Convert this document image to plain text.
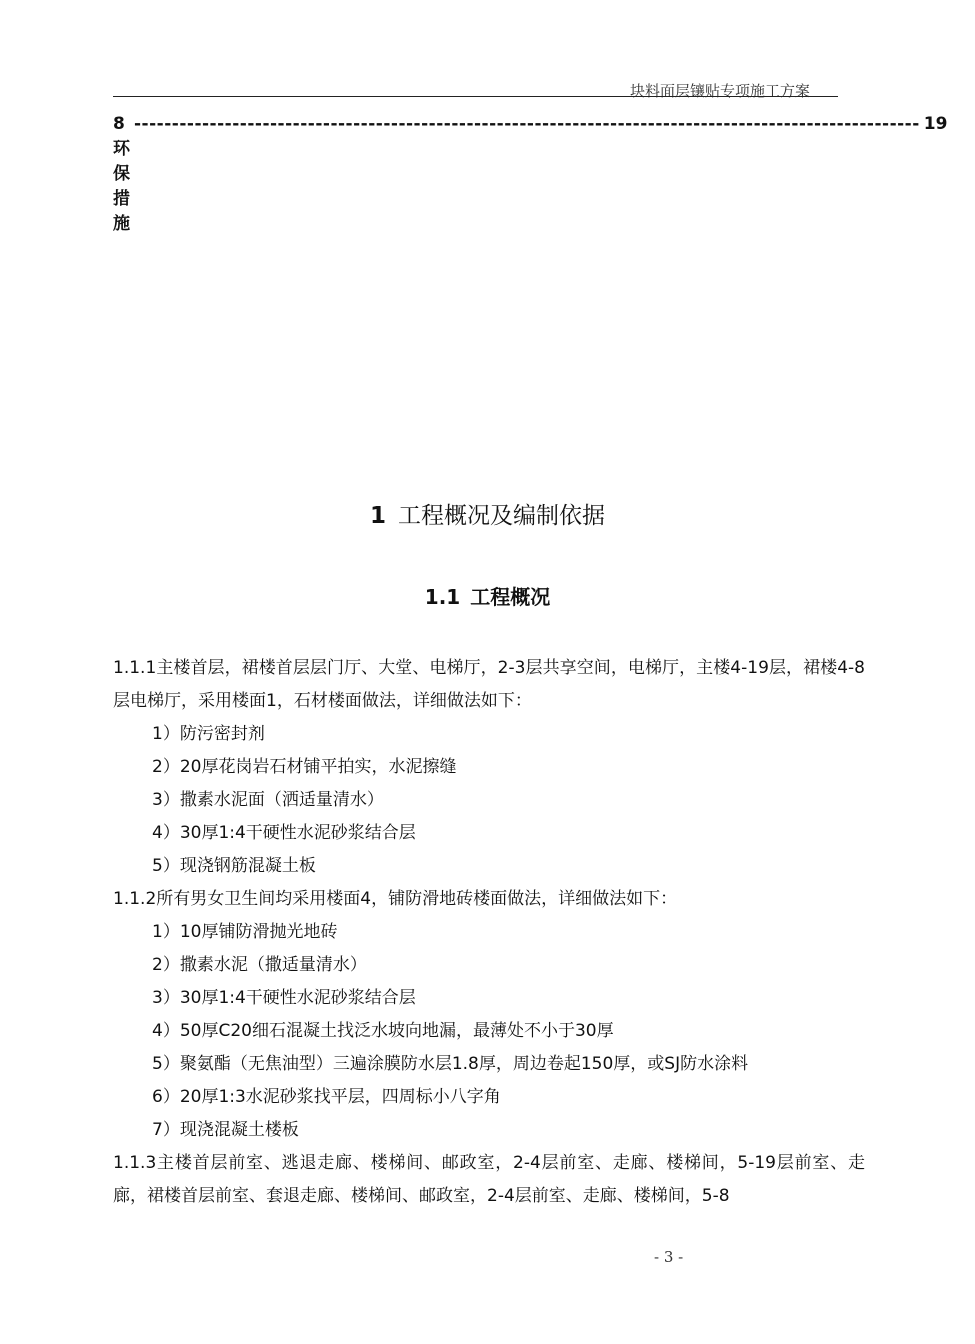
块料面层镶贴专项施工方案
8 环保措施
-------------------------------------------------------------------------------------------------------- 19
1 工程概况及编制依据
1.1 工程概况

1.1.1主楼首层，裙楼首层层门厅、大堂、电梯厅，2-3层共享空间，电梯厅，主楼4-19层，裙楼4-8层电梯厅，采用楼面1，石材楼面做法，详细做法如下：

1）防污密封剂

2）20厚花岗岩石材铺平拍实，水泥擦缝

3）撒素水泥面（洒适量清水）

4）30厚1:4干硬性水泥砂浆结合层

5）现浇钢筋混凝土板

1.1.2所有男女卫生间均采用楼面4，铺防滑地砖楼面做法，详细做法如下：

1）10厚铺防滑抛光地砖

2）撒素水泥（撒适量清水）

3）30厚1:4干硬性水泥砂浆结合层

4）50厚C20细石混凝土找泛水坡向地漏，最薄处不小于30厚

5）聚氨酯（无焦油型）三遍涂膜防水层1.8厚，周边卷起150厚，或SJ防水涂料

6）20厚1:3水泥砂浆找平层，四周标小八字角

7）现浇混凝土楼板

1.1.3主楼首层前室、逃退走廊、楼梯间、邮政室，2-4层前室、走廊、楼梯间，5-19层前室、走廊，裙楼首层前室、套退走廊、楼梯间、邮政室，2-4层前室、走廊、楼梯间，5-8

- 3 -
